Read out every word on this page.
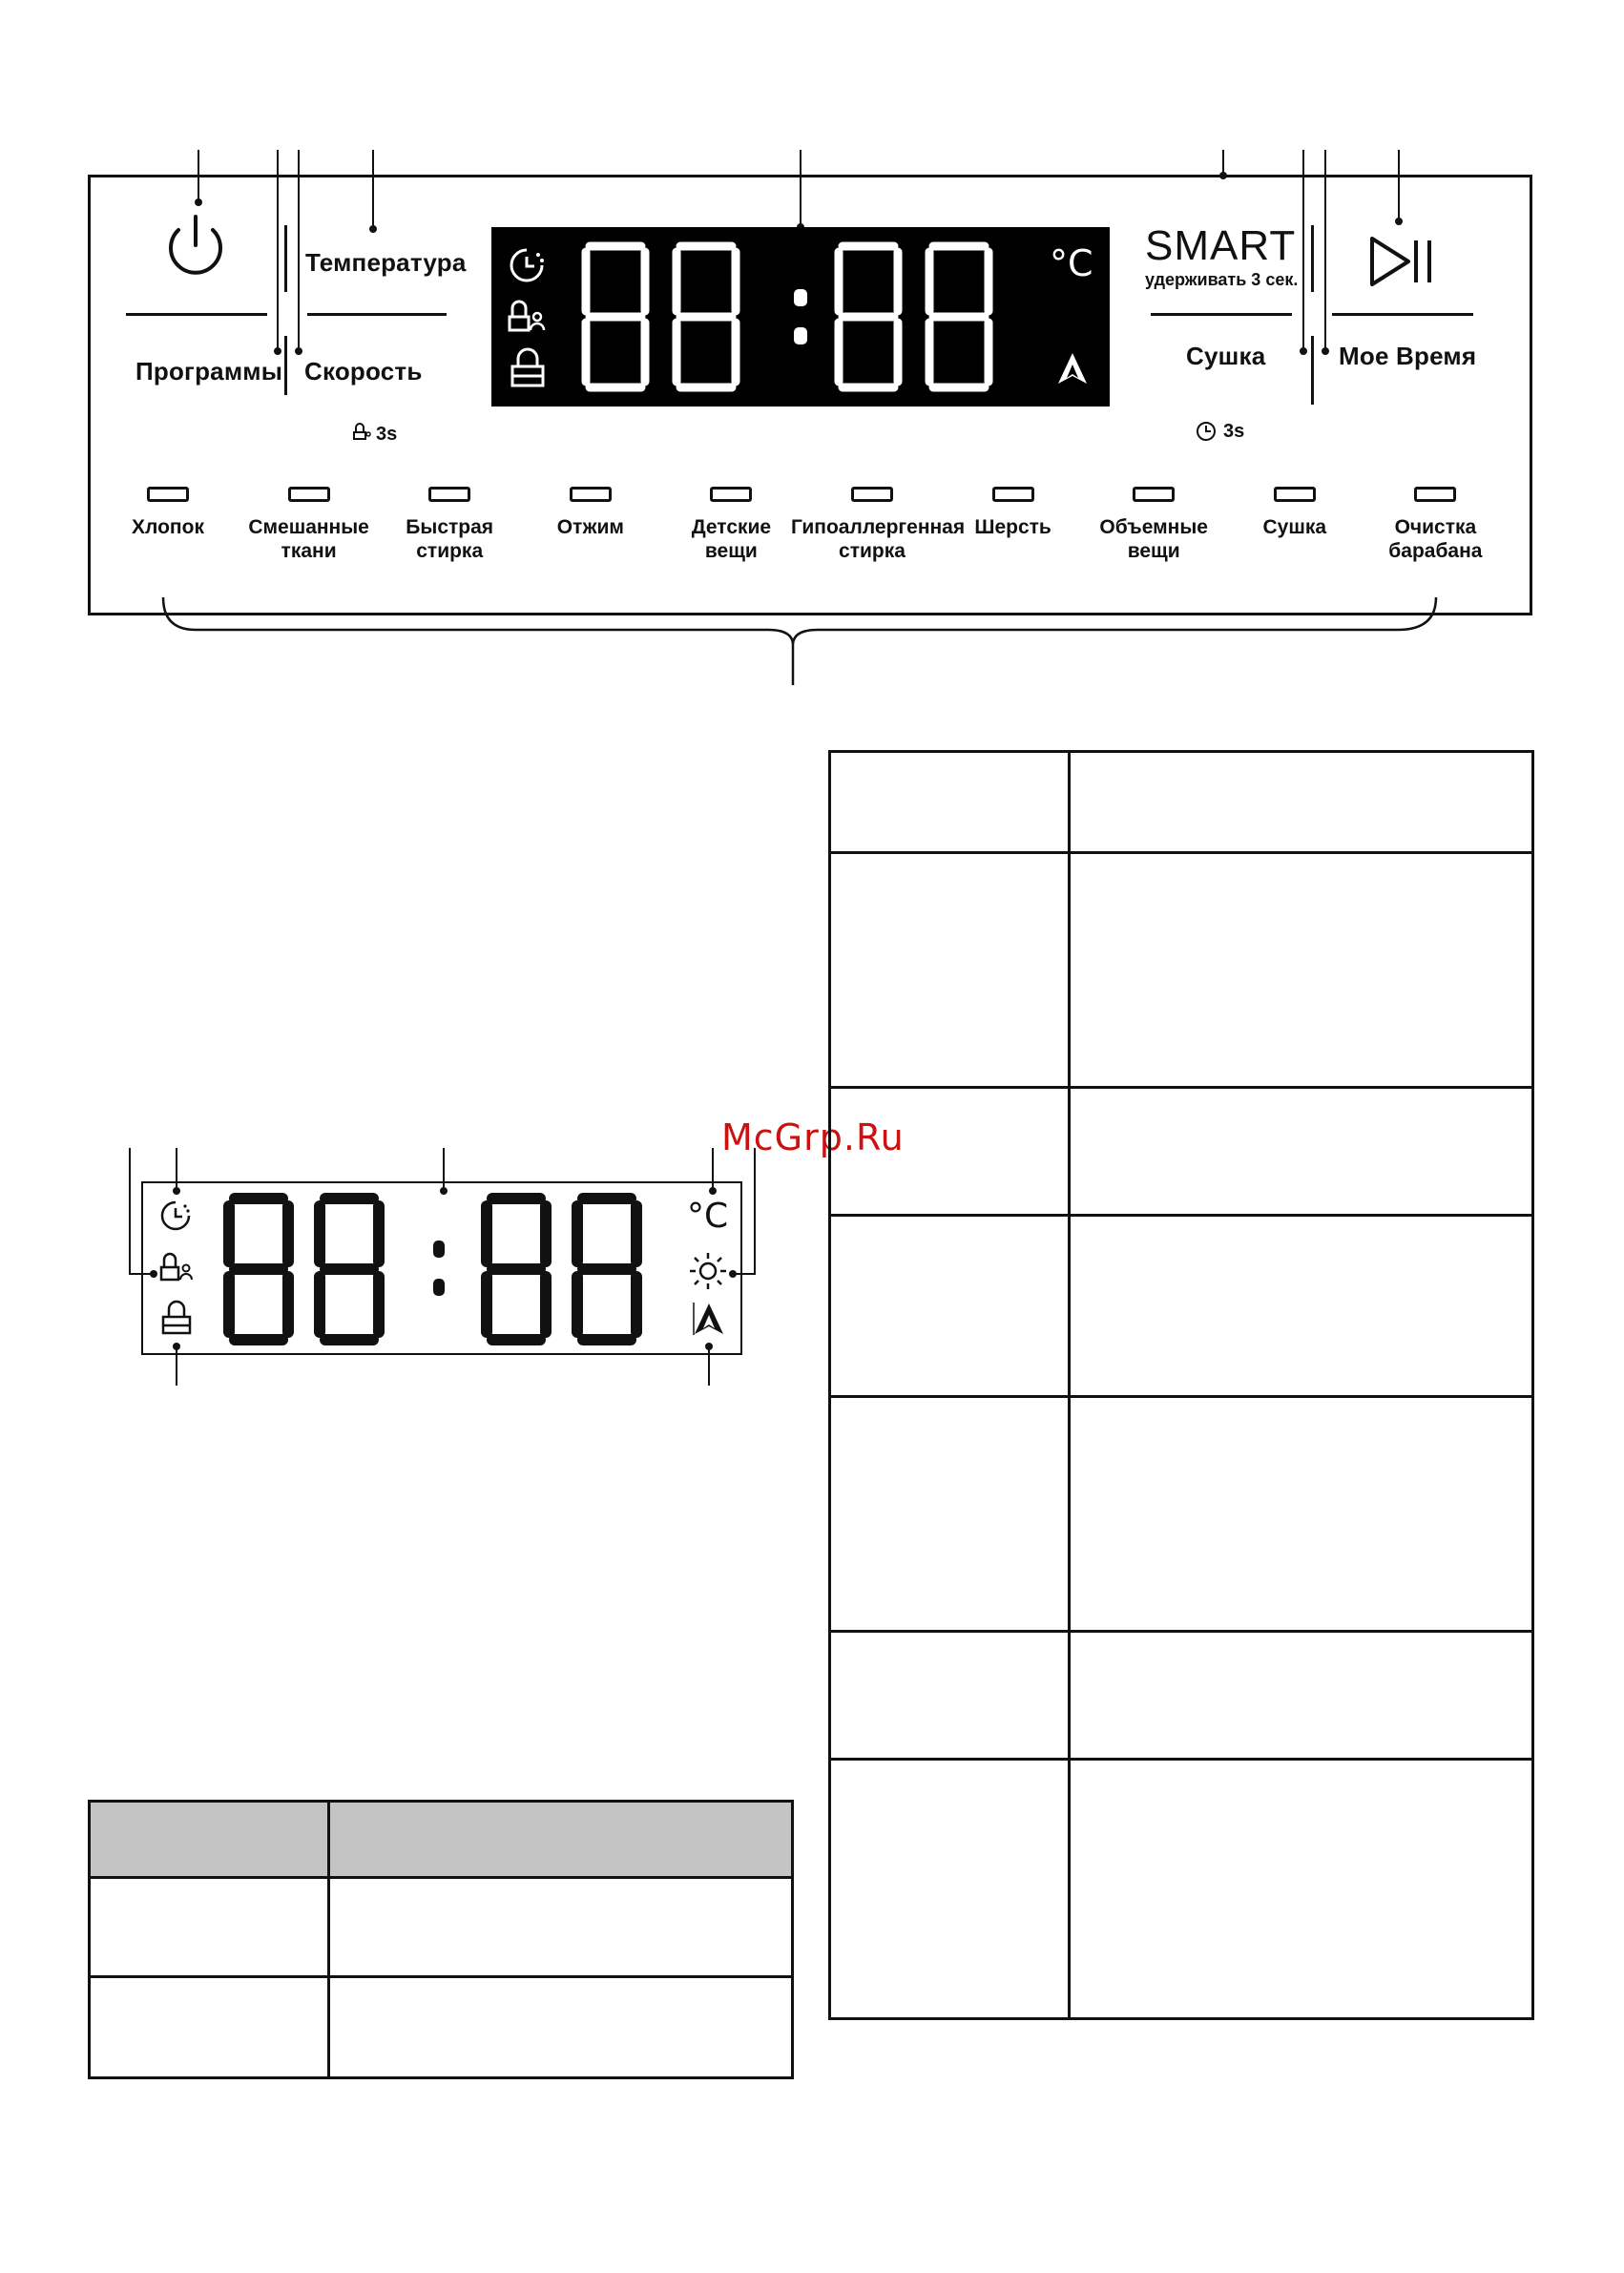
Температура
Программы Скорость
3s
°C SMART
удерживать 3 сек.
Сушка	Мое Время
3s
Хлопок	Смешанные
ткани
Быстрая
стирка
Отжим	Детские
вещи
Гипоаллергенная
стирка
Шерсть	Объемные
вещи
Сушка	Очистка
барабана
°C
McGrp.Ru
